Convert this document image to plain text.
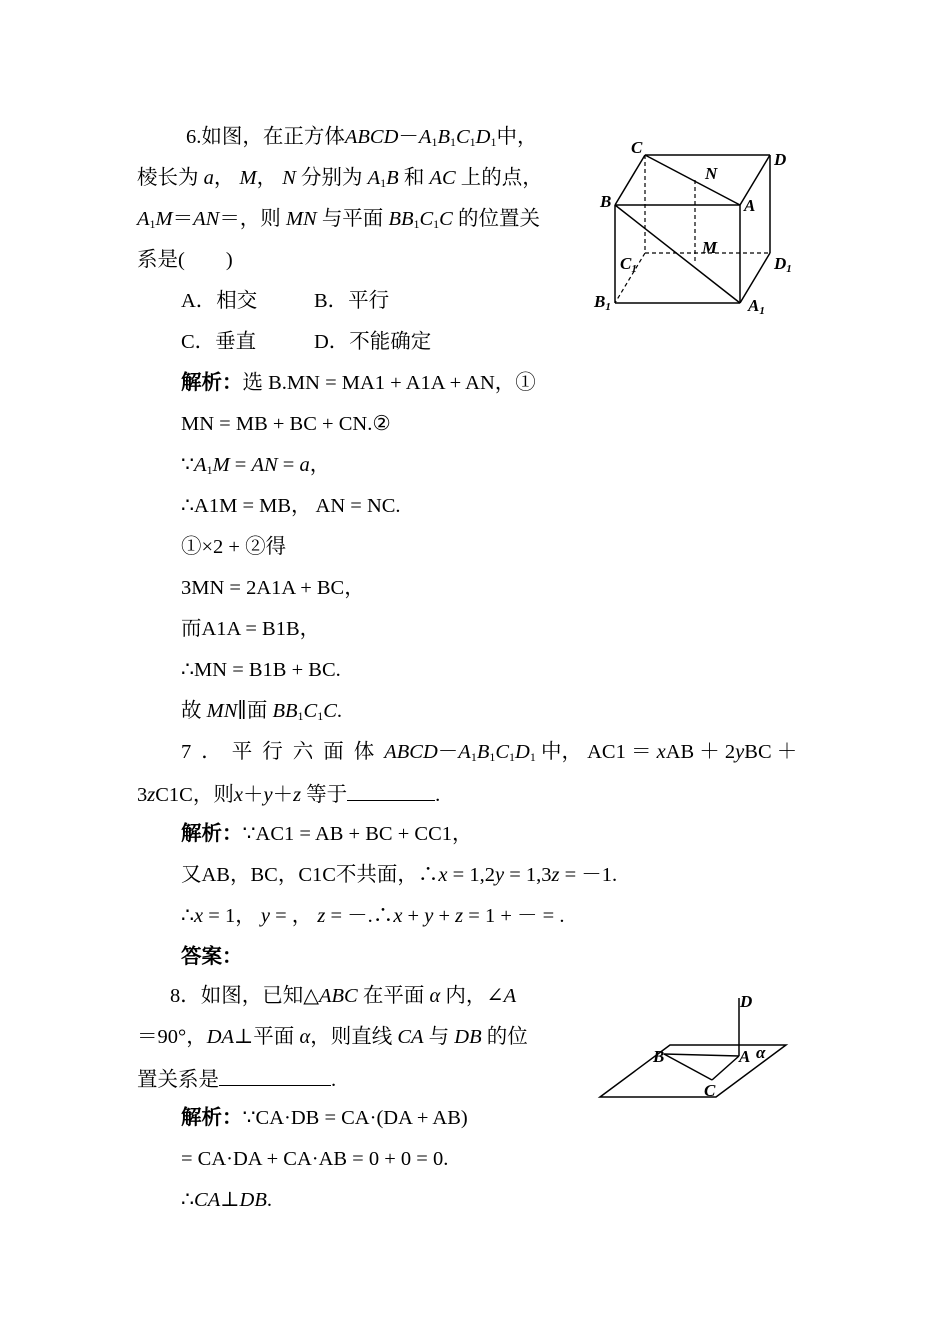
6.如图，在正方体$ABCD-A_1B_1C_1D_1$中，
棱长为 a， M， N 分别为 $A_1B$ 和 AC 上的点，
$A_1M=AN=$，则 MN 与平面 $BB_1C_1C$ 的位置关
系是(　　)
A．相交	B．平行
C．垂直	D．不能确定
解析：选 B.MN = MA1 + A1A + AN，①
MN = MB + BC + CN.②
$\because A_1M$ = AN = a，
∴A1M = MB， AN = NC.
①×2 + ②得
3MN = 2A1A + BC，
而A1A = B1B，
∴MN = B1B + BC.
故 MN∥面 $BB_1C_1C$.
C
N
D
B	A
M
C1	D1
B1	A1
7．平行六面体$ABCD-A_1B_1C_1D_1$ 中， AC1 ＝ xAB ＋ 2yBC ＋
3zC1C，则x＋y＋z 等于	.
解析：∵AC1 = AB + BC + CC1，
又AB，BC，C1C不共面，∴x = 1,2y = 1,3z = －1.
∴x = 1， y = ， z = －.∴x + y + z = 1 + － = .
答案：
8．如图，已知△ABC 在平面 α 内，∠A
＝90°，DA⊥平面 α，则直线 CA 与 DB 的位
置关系是	.
解析：∵CA·DB = CA·(DA + AB)
= CA·DA + CA·AB = 0 + 0 = 0.
∴CA⊥DB.
D
B	A α
C
